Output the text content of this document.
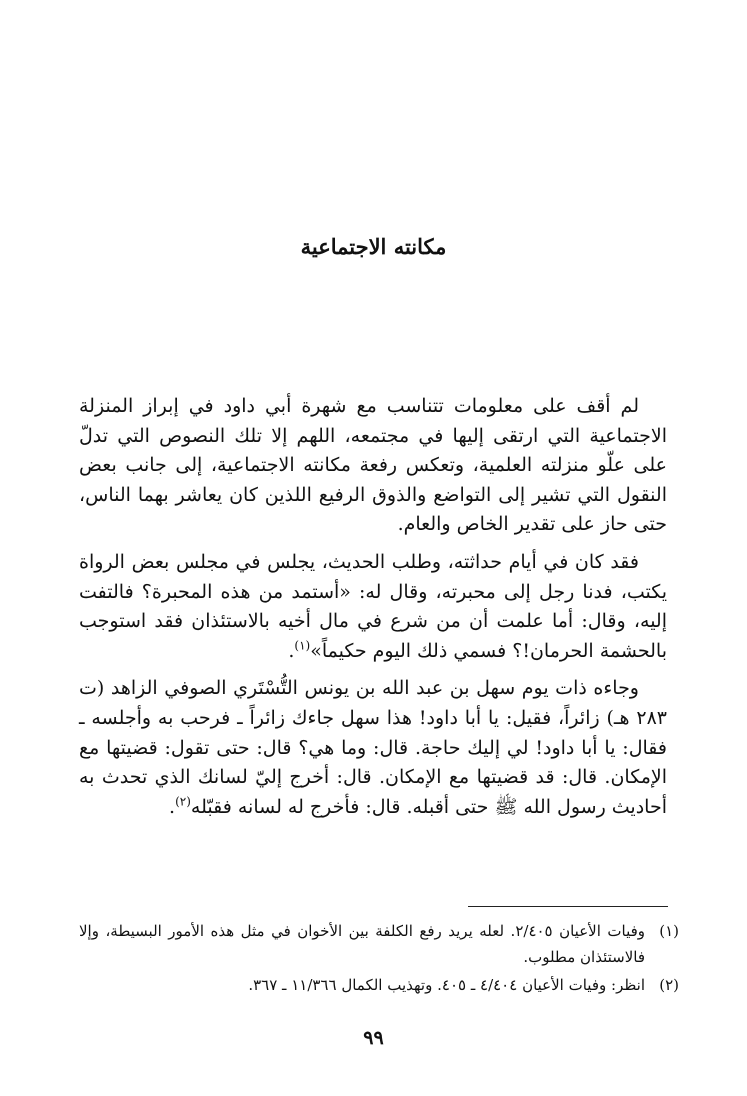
مكانته الاجتماعية

لم أقف على معلومات تتناسب مع شهرة أبي داود في إبراز المنزلة الاجتماعية التي ارتقى إليها في مجتمعه، اللهم إلا تلك النصوص التي تدلّ على علّو منزلته العلمية، وتعكس رفعة مكانته الاجتماعية، إلى جانب بعض النقول التي تشير إلى التواضع والذوق الرفيع اللذين كان يعاشر بهما الناس، حتى حاز على تقدير الخاص والعام.

فقد كان في أيام حداثته، وطلب الحديث، يجلس في مجلس بعض الرواة يكتب، فدنا رجل إلى محبرته، وقال له: «أستمد من هذه المحبرة؟ فالتفت إليه، وقال: أما علمت أن من شرع في مال أخيه بالاستئذان فقد استوجب بالحشمة الحرمان!؟ فسمي ذلك اليوم حكيماً»$^{(١)}$.

وجاءه ذات يوم سهل بن عبد الله بن يونس التُّسْتَري الصوفي الزاهد (ت ٢٨٣ هـ) زائراً، فقيل: يا أبا داود! هذا سهل جاءك زائراً ـ فرحب به وأجلسه ـ فقال: يا أبا داود! لي إليك حاجة. قال: وما هي؟ قال: حتى تقول: قضيتها مع الإمكان. قال: قد قضيتها مع الإمكان. قال: أخرج إليّ لسانك الذي تحدث به أحاديث رسول الله ﷺ حتى أقبله. قال: فأخرج له لسانه فقبّله$^{(٢)}$.

(١)
وفيات الأعيان ٢/٤٠٥. لعله يريد رفع الكلفة بين الأخوان في مثل هذه الأمور البسيطة، وإلا فالاستئذان مطلوب.
(٢)
انظر: وفيات الأعيان ٤/٤٠٤ ـ ٤٠٥. وتهذيب الكمال ١١/٣٦٦ ـ ٣٦٧.
٩٩
